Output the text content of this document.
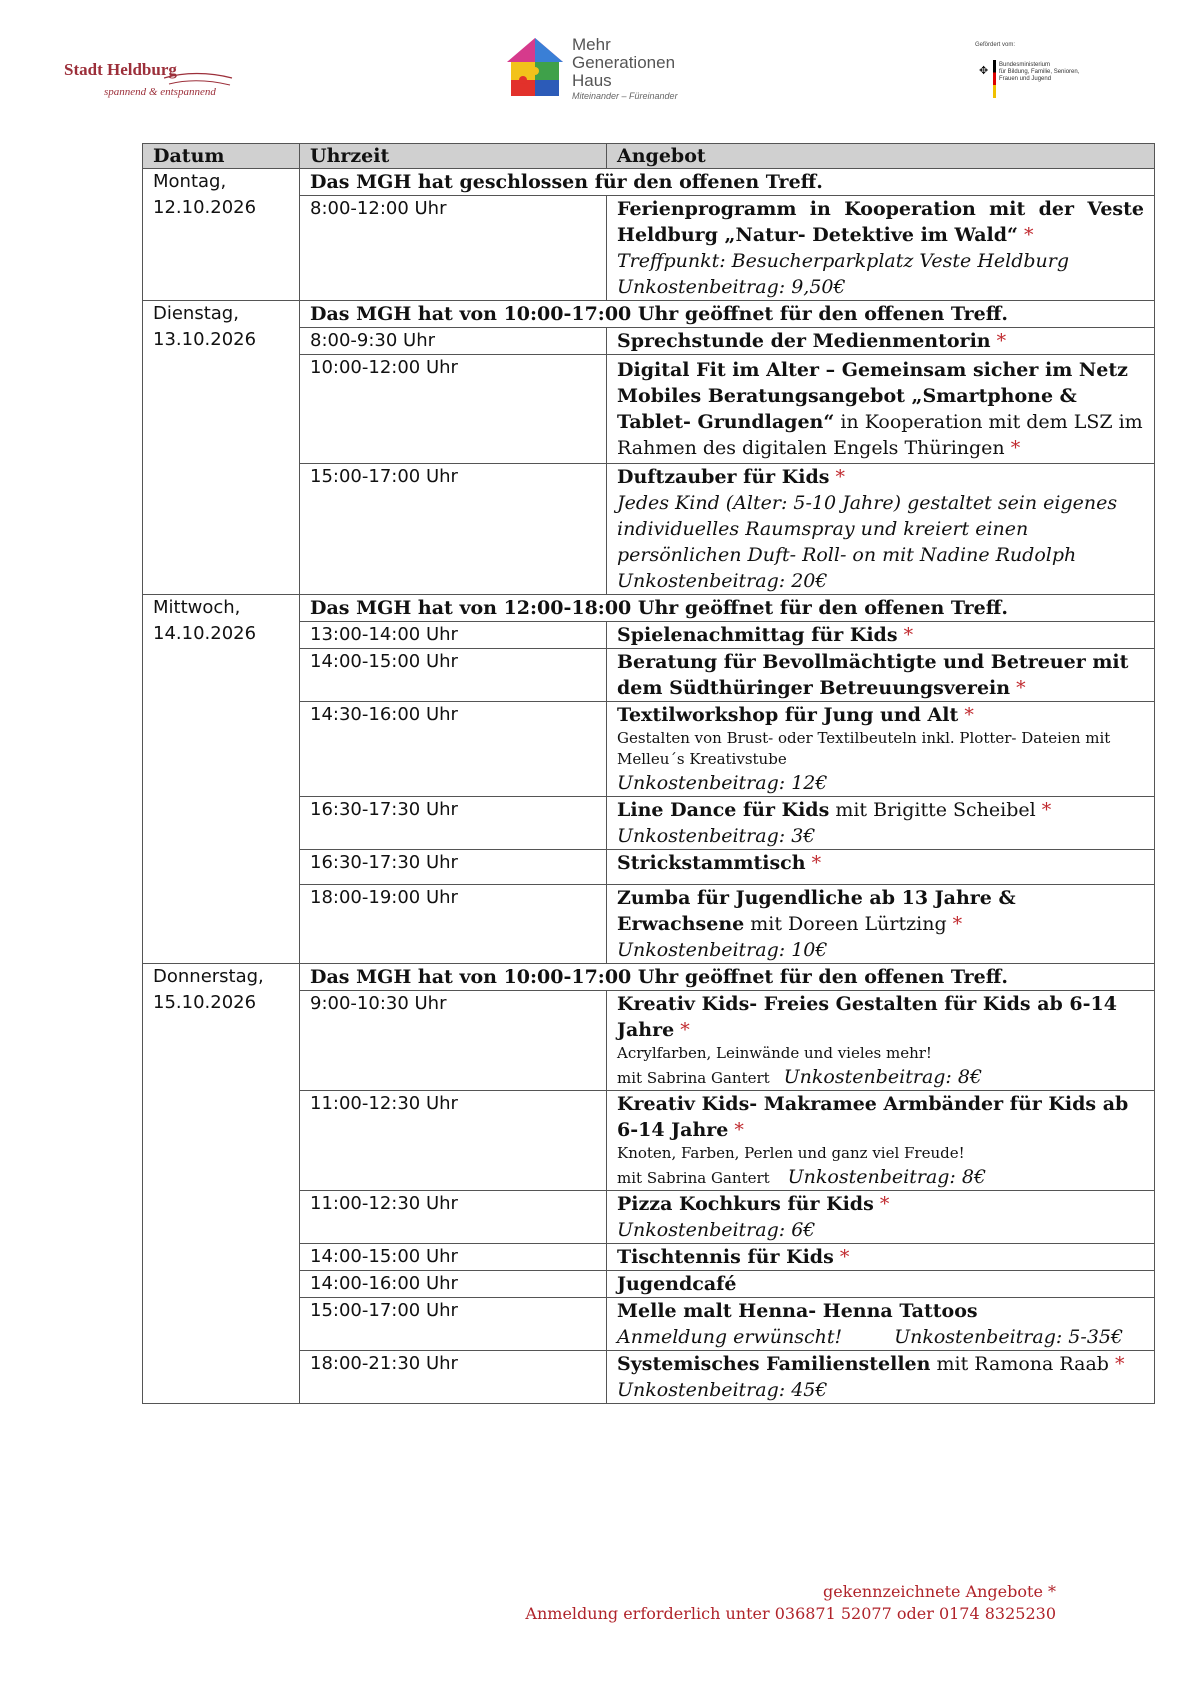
Stadt Heldburg
spannend & entspannend
Mehr
Generationen
Haus
Miteinander – Füreinander
Gefördert vom:
✥ Bundesministerium
für Bildung, Familie, Senioren,
Frauen und Jugend
Datum	Uhrzeit	Angebot

Montag,
12.10.2026	Das MGH hat geschlossen für den offenen Treff.	
	8:00-12:00 Uhr	Ferienprogramm in Kooperation mit der Veste Heldburg „Natur- Detektive im Wald“ *
Treffpunkt: Besucherparkplatz Veste Heldburg
Unkostenbeitrag: 9,50€

Dienstag,
13.10.2026	Das MGH hat von 10:00-17:00 Uhr geöffnet für den offenen Treff.	
	8:00-9:30 Uhr	Sprechstunde der Medienmentorin *
	10:00-12:00 Uhr	Digital Fit im Alter – Gemeinsam sicher im Netz Mobiles Beratungsangebot „Smartphone & Tablet- Grundlagen“ in Kooperation mit dem LSZ im Rahmen des digitalen Engels Thüringen *
	15:00-17:00 Uhr	Duftzauber für Kids *
Jedes Kind (Alter: 5-10 Jahre) gestaltet sein eigenes individuelles Raumspray und kreiert einen persönlichen Duft- Roll- on mit Nadine Rudolph
Unkostenbeitrag: 20€

Mittwoch,
14.10.2026	Das MGH hat von 12:00-18:00 Uhr geöffnet für den offenen Treff.	
	13:00-14:00 Uhr	Spielenachmittag für Kids *
	14:00-15:00 Uhr	Beratung für Bevollmächtigte und Betreuer mit dem Südthüringer Betreuungsverein *
	14:30-16:00 Uhr	Textilworkshop für Jung und Alt *
Gestalten von Brust- oder Textilbeuteln inkl. Plotter- Dateien mit Melleu´s Kreativstube
Unkostenbeitrag: 12€

	16:30-17:30 Uhr	Line Dance für Kids mit Brigitte Scheibel *
Unkostenbeitrag: 3€

	16:30-17:30 Uhr	Strickstammtisch *
	18:00-19:00 Uhr	Zumba für Jugendliche ab 13 Jahre & Erwachsene mit Doreen Lürtzing *
Unkostenbeitrag: 10€

Donnerstag,
15.10.2026	Das MGH hat von 10:00-17:00 Uhr geöffnet für den offenen Treff.	
	9:00-10:30 Uhr	Kreativ Kids- Freies Gestalten für Kids ab 6-14 Jahre *
Acrylfarben, Leinwände und vieles mehr!
mit Sabrina Gantert Unkostenbeitrag: 8€

	11:00-12:30 Uhr	Kreativ Kids- Makramee Armbänder für Kids ab 6-14 Jahre *
Knoten, Farben, Perlen und ganz viel Freude!
mit Sabrina Gantert Unkostenbeitrag: 8€

	11:00-12:30 Uhr	Pizza Kochkurs für Kids *
Unkostenbeitrag: 6€

	14:00-15:00 Uhr	Tischtennis für Kids *
	14:00-16:00 Uhr	Jugendcafé
	15:00-17:00 Uhr	Melle malt Henna- Henna Tattoos
Anmeldung erwünscht! Unkostenbeitrag: 5-35€

	18:00-21:30 Uhr	Systemisches Familienstellen mit Ramona Raab *
Unkostenbeitrag: 45€
gekennzeichnete Angebote *
Anmeldung erforderlich unter 036871 52077 oder 0174 8325230
